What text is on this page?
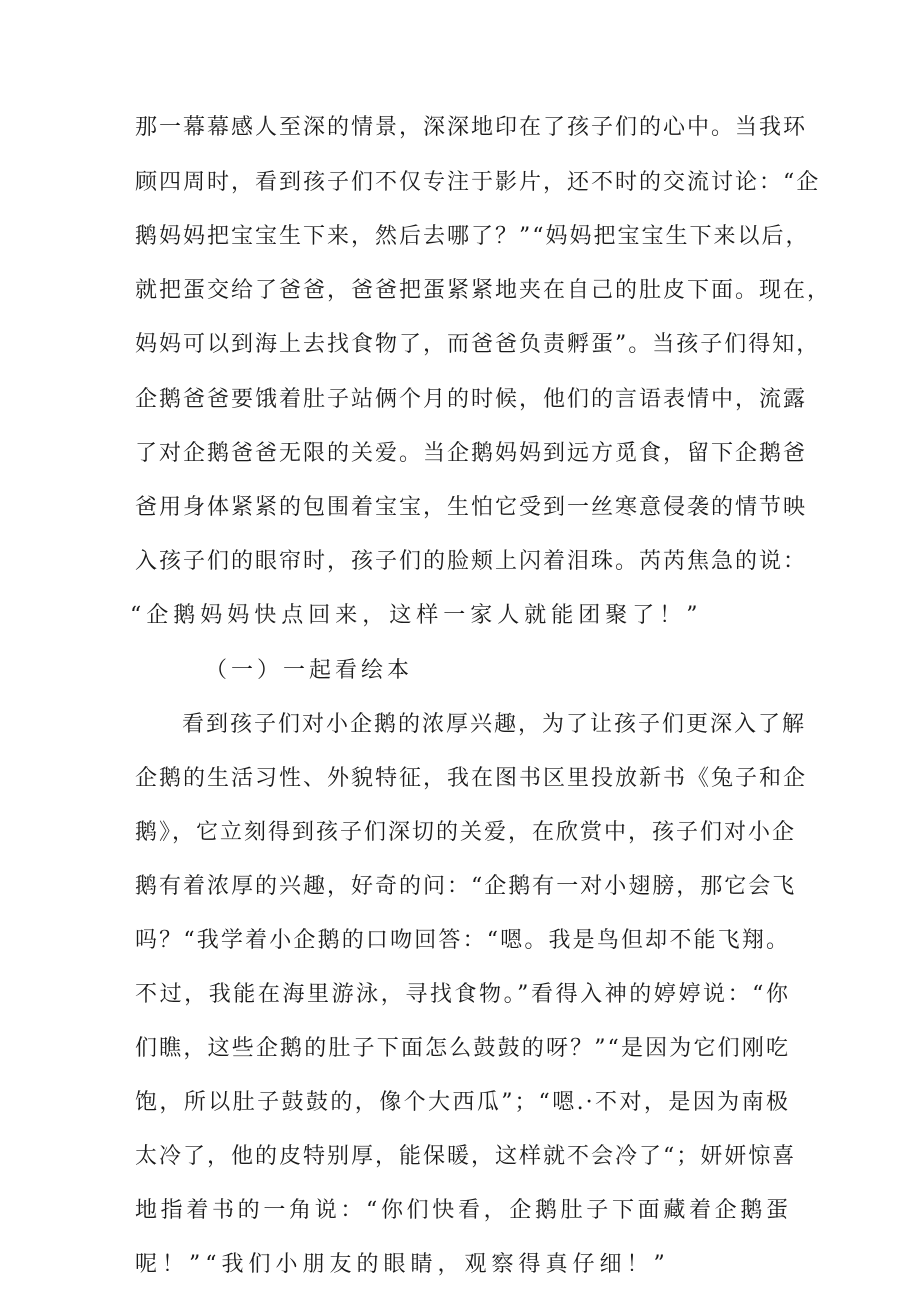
那一幕幕感人至深的情景，深深地印在了孩子们的心中。当我环
顾四周时，看到孩子们不仅专注于影片，还不时的交流讨论：“企
鹅妈妈把宝宝生下来，然后去哪了？”“妈妈把宝宝生下来以后，
就把蛋交给了爸爸，爸爸把蛋紧紧地夹在自己的肚皮下面。现在，
妈妈可以到海上去找食物了，而爸爸负责孵蛋”。当孩子们得知，
企鹅爸爸要饿着肚子站俩个月的时候，他们的言语表情中，流露
了对企鹅爸爸无限的关爱。当企鹅妈妈到远方觅食，留下企鹅爸
爸用身体紧紧的包围着宝宝，生怕它受到一丝寒意侵袭的情节映
入孩子们的眼帘时，孩子们的脸颊上闪着泪珠。芮芮焦急的说：
“企鹅妈妈快点回来，这样一家人就能团聚了！”
（一）一起看绘本
看到孩子们对小企鹅的浓厚兴趣，为了让孩子们更深入了解
企鹅的生活习性、外貌特征，我在图书区里投放新书《兔子和企
鹅》，它立刻得到孩子们深切的关爱，在欣赏中，孩子们对小企
鹅有着浓厚的兴趣，好奇的问：“企鹅有一对小翅膀，那它会飞
吗？“我学着小企鹅的口吻回答：“嗯。我是鸟但却不能飞翔。
不过，我能在海里游泳，寻找食物。”看得入神的婷婷说：“你
们瞧，这些企鹅的肚子下面怎么鼓鼓的呀？”“是因为它们刚吃
饱，所以肚子鼓鼓的，像个大西瓜”；“嗯.·不对，是因为南极
太冷了，他的皮特别厚，能保暖，这样就不会冷了“；妍妍惊喜
地指着书的一角说：“你们快看，企鹅肚子下面藏着企鹅蛋
呢！”“我们小朋友的眼睛，观察得真仔细！”
